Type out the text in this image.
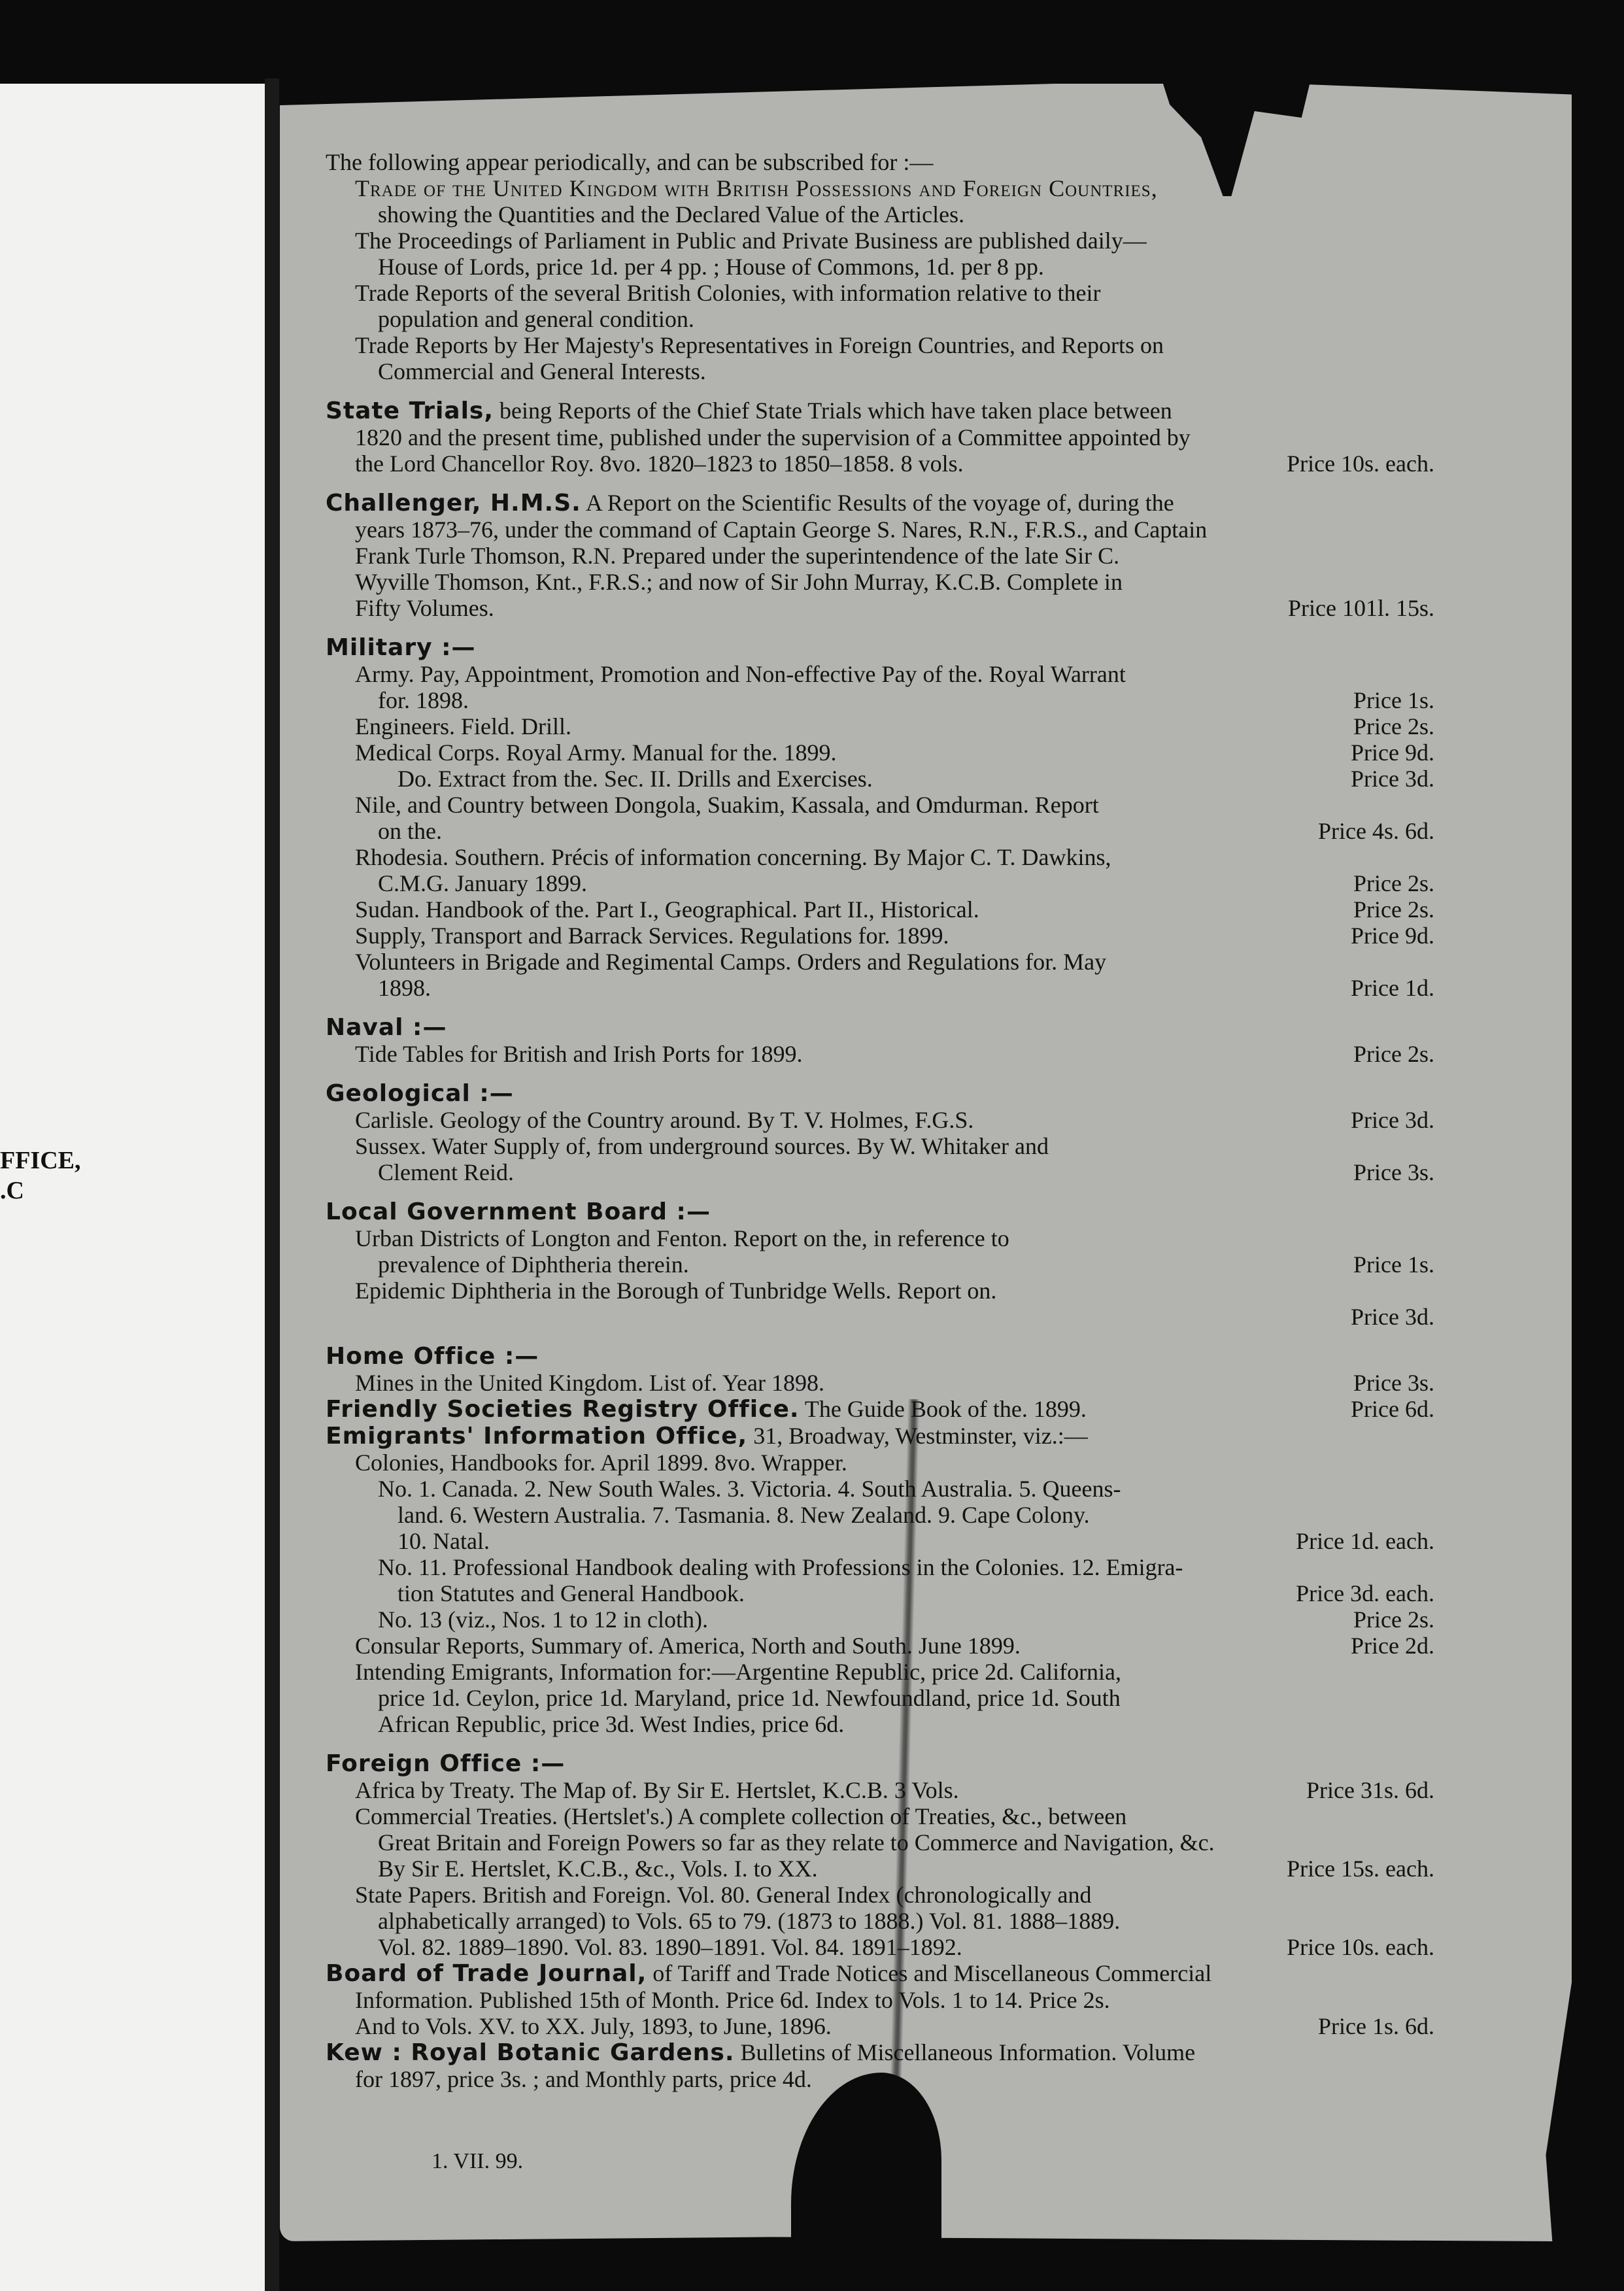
FFICE,
.C
The following appear periodically, and can be subscribed for :—
Trade of the United Kingdom with British Possessions and Foreign Countries,
showing the Quantities and the Declared Value of the Articles.
The Proceedings of Parliament in Public and Private Business are published daily—
House of Lords, price 1d. per 4 pp. ; House of Commons, 1d. per 8 pp.
Trade Reports of the several British Colonies, with information relative to their
population and general condition.
Trade Reports by Her Majesty's Representatives in Foreign Countries, and Reports on
Commercial and General Interests.
State Trials, being Reports of the Chief State Trials which have taken place between
1820 and the present time, published under the supervision of a Committee appointed by
the Lord Chancellor Roy. 8vo. 1820–1823 to 1850–1858. 8 vols.	Price 10s. each.
Challenger, H.M.S. A Report on the Scientific Results of the voyage of, during the
years 1873–76, under the command of Captain George S. Nares, R.N., F.R.S., and Captain
Frank Turle Thomson, R.N. Prepared under the superintendence of the late Sir C.
Wyville Thomson, Knt., F.R.S.; and now of Sir John Murray, K.C.B. Complete in
Fifty Volumes.	Price 101l. 15s.
Military :—
Army. Pay, Appointment, Promotion and Non-effective Pay of the. Royal Warrant
for. 1898.	Price 1s.
Engineers. Field. Drill.	Price 2s.
Medical Corps. Royal Army. Manual for the. 1899.	Price 9d.
Do. Extract from the. Sec. II. Drills and Exercises.	Price 3d.
Nile, and Country between Dongola, Suakim, Kassala, and Omdurman. Report
on the.	Price 4s. 6d.
Rhodesia. Southern. Précis of information concerning. By Major C. T. Dawkins,
C.M.G. January 1899.	Price 2s.
Sudan. Handbook of the. Part I., Geographical. Part II., Historical.	Price 2s.
Supply, Transport and Barrack Services. Regulations for. 1899.	Price 9d.
Volunteers in Brigade and Regimental Camps. Orders and Regulations for. May
1898.	Price 1d.
Naval :—
Tide Tables for British and Irish Ports for 1899.	Price 2s.
Geological :—
Carlisle. Geology of the Country around. By T. V. Holmes, F.G.S.	Price 3d.
Sussex. Water Supply of, from underground sources. By W. Whitaker and
Clement Reid.	Price 3s.
Local Government Board :—
Urban Districts of Longton and Fenton. Report on the, in reference to
prevalence of Diphtheria therein.	Price 1s.
Epidemic Diphtheria in the Borough of Tunbridge Wells. Report on.
Price 3d.
Home Office :—
Mines in the United Kingdom. List of. Year 1898.	Price 3s.
Friendly Societies Registry Office. The Guide Book of the. 1899.	Price 6d.
Emigrants' Information Office, 31, Broadway, Westminster, viz.:—
Colonies, Handbooks for. April 1899. 8vo. Wrapper.
No. 1. Canada. 2. New South Wales. 3. Victoria. 4. South Australia. 5. Queens-
land. 6. Western Australia. 7. Tasmania. 8. New Zealand. 9. Cape Colony.
10. Natal.	Price 1d. each.
No. 11. Professional Handbook dealing with Professions in the Colonies. 12. Emigra-
tion Statutes and General Handbook.	Price 3d. each.
No. 13 (viz., Nos. 1 to 12 in cloth).	Price 2s.
Consular Reports, Summary of. America, North and South. June 1899.	Price 2d.
Intending Emigrants, Information for:—Argentine Republic, price 2d. California,
price 1d. Ceylon, price 1d. Maryland, price 1d. Newfoundland, price 1d. South
African Republic, price 3d. West Indies, price 6d.
Foreign Office :—
Africa by Treaty. The Map of. By Sir E. Hertslet, K.C.B. 3 Vols.	Price 31s. 6d.
Commercial Treaties. (Hertslet's.) A complete collection of Treaties, &c., between
Great Britain and Foreign Powers so far as they relate to Commerce and Navigation, &c.
By Sir E. Hertslet, K.C.B., &c., Vols. I. to XX.	Price 15s. each.
State Papers. British and Foreign. Vol. 80. General Index (chronologically and
alphabetically arranged) to Vols. 65 to 79. (1873 to 1888.) Vol. 81. 1888–1889.
Vol. 82. 1889–1890. Vol. 83. 1890–1891. Vol. 84. 1891–1892.	Price 10s. each.
Board of Trade Journal, of Tariff and Trade Notices and Miscellaneous Commercial
Information. Published 15th of Month. Price 6d. Index to Vols. 1 to 14. Price 2s.
And to Vols. XV. to XX. July, 1893, to June, 1896.	Price 1s. 6d.
Kew : Royal Botanic Gardens. Bulletins of Miscellaneous Information. Volume
for 1897, price 3s. ; and Monthly parts, price 4d.
1. VII. 99.
